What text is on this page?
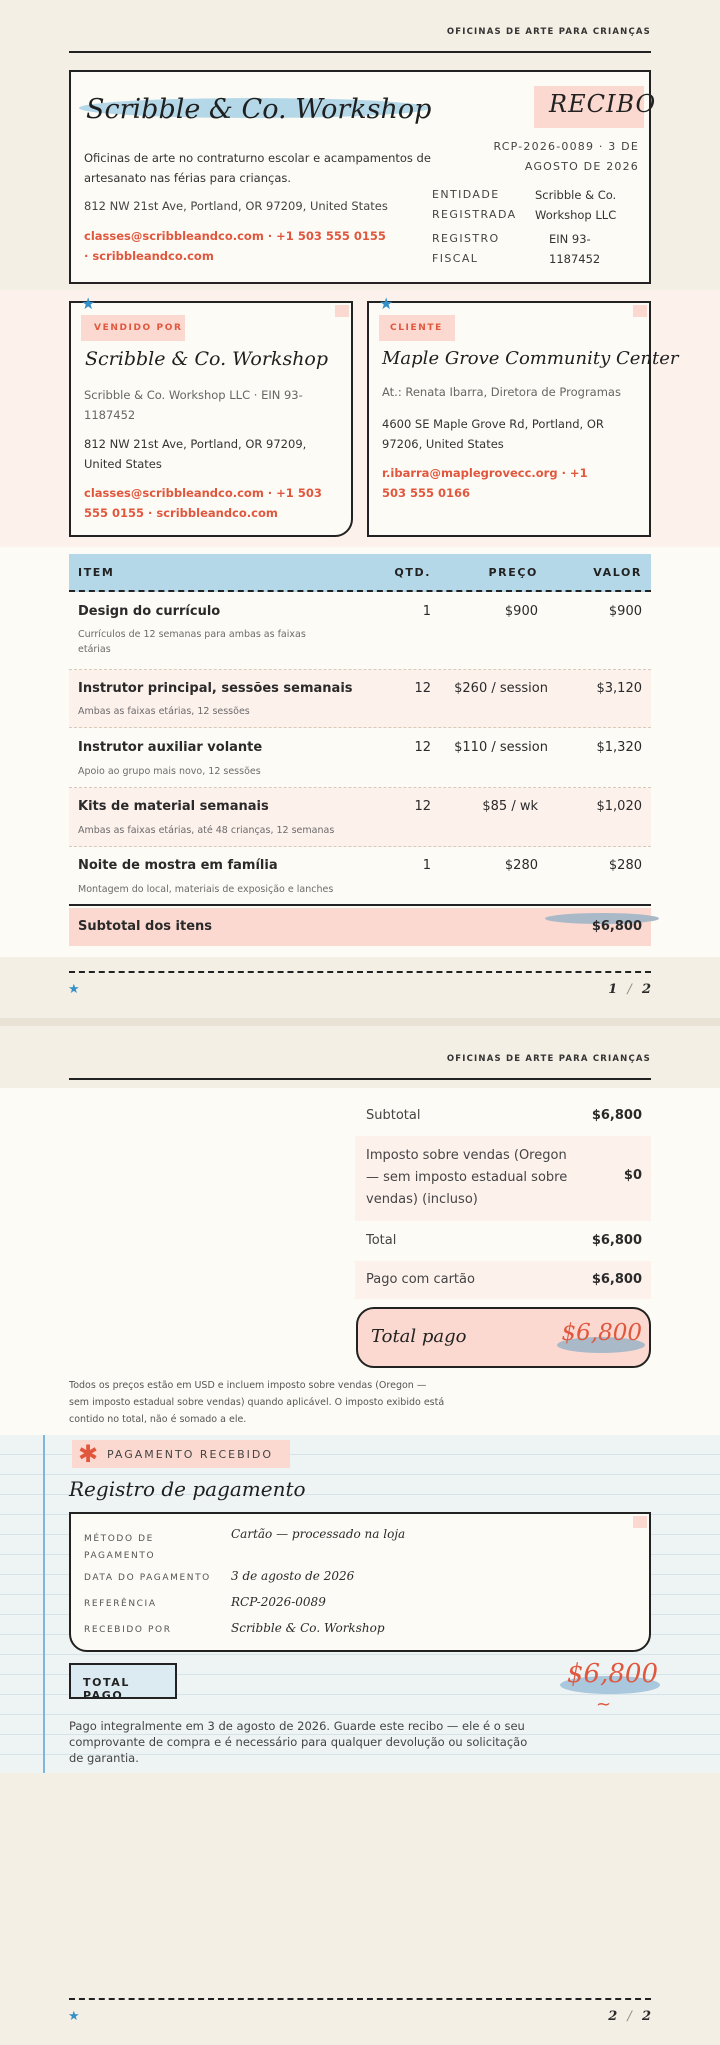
OFICINAS DE ARTE PARA CRIANÇAS
Scribble & Co. Workshop
Oficinas de arte no contraturno escolar e acampamentos de artesanato nas férias para crianças.
812 NW 21st Ave, Portland, OR 97209, United States
classes@scribbleandco.com · +1 503 555 0155 · scribbleandco.com
RECIBO
RCP-2026-0089 · 3 DE AGOSTO DE 2026
ENTIDADE REGISTRADA
Scribble & Co. Workshop LLC
REGISTRO FISCAL
EIN 93-1187452
★
VENDIDO POR
Scribble & Co. Workshop
Scribble & Co. Workshop LLC · EIN 93-1187452
812 NW 21st Ave, Portland, OR 97209, United States
classes@scribbleandco.com · +1 503 555 0155 · scribbleandco.com
★
CLIENTE
Maple Grove Community Center
At.: Renata Ibarra, Diretora de Programas
4600 SE Maple Grove Rd, Portland, OR 97206, United States
r.ibarra@maplegrovecc.org · +1 503 555 0166
ITEM	QTD.	PREÇO	VALOR
Design do currículo
Currículos de 12 semanas para ambas as faixas etárias
1	$900	$900
Instrutor principal, sessões semanais
Ambas as faixas etárias, 12 sessões
12 $260 / session	$3,120
Instrutor auxiliar volante
Apoio ao grupo mais novo, 12 sessões
12 $110 / session	$1,320
Kits de material semanais
Ambas as faixas etárias, até 48 crianças, 12 semanas
12	$85 / wk	$1,020
Noite de mostra em família
Montagem do local, materiais de exposição e lanches
1	$280	$280
Subtotal dos itens	$6,800
★	1 / 2
OFICINAS DE ARTE PARA CRIANÇAS
Subtotal	$6,800
Imposto sobre vendas (Oregon — sem imposto estadual sobre vendas) (incluso)
$0
Total	$6,800
Pago com cartão	$6,800
Total pago	$6,800
Todos os preços estão em USD e incluem imposto sobre vendas (Oregon — sem imposto estadual sobre vendas) quando aplicável. O imposto exibido está contido no total, não é somado a ele.
✱ PAGAMENTO RECEBIDO
Registro de pagamento
MÉTODO DE PAGAMENTO
Cartão — processado na loja
DATA DO PAGAMENTO 3 de agosto de 2026
REFERÊNCIA	RCP-2026-0089
RECEBIDO POR	Scribble & Co. Workshop
TOTAL PAGO
$6,800
~
Pago integralmente em 3 de agosto de 2026. Guarde este recibo — ele é o seu comprovante de compra e é necessário para qualquer devolução ou solicitação de garantia.
★	2 / 2
